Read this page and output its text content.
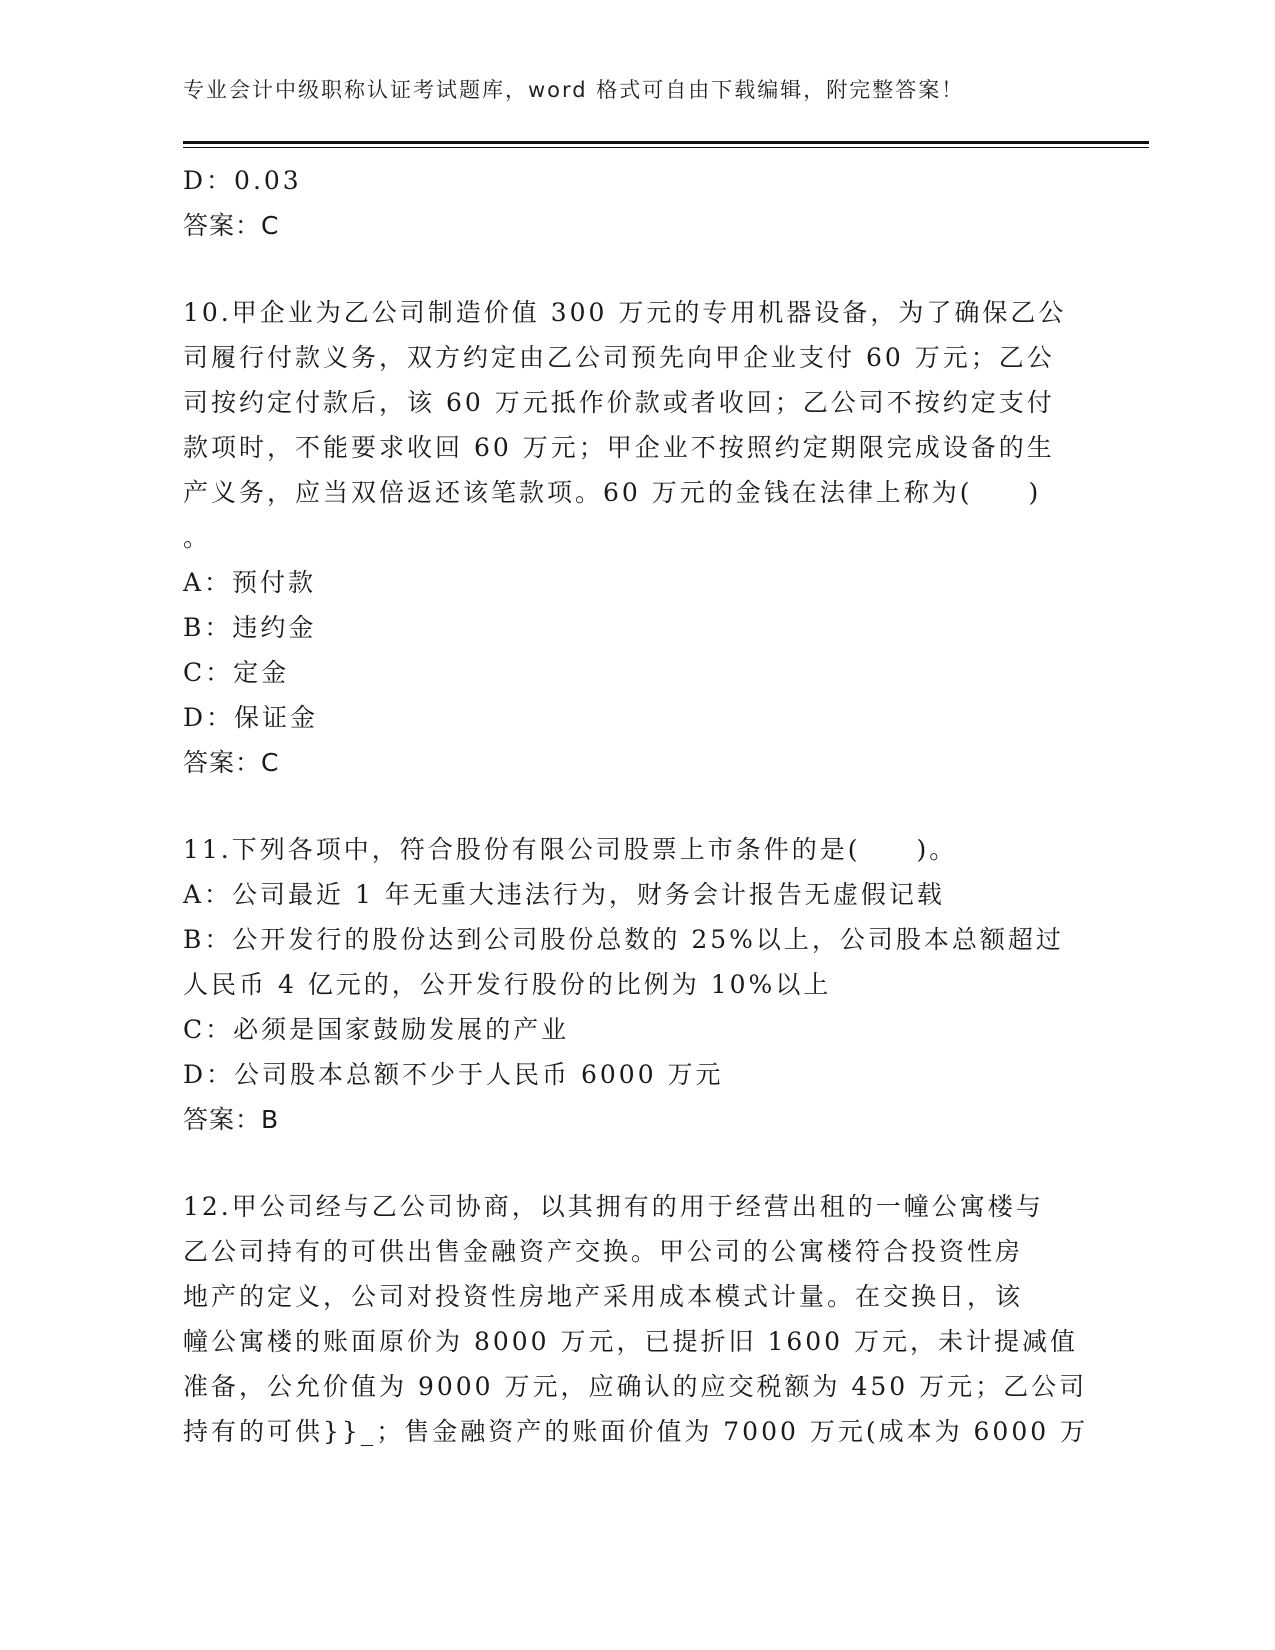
专业会计中级职称认证考试题库，word 格式可自由下载编辑，附完整答案！
D：0.03
答案：C
10.甲企业为乙公司制造价值 300 万元的专用机器设备，为了确保乙公
司履行付款义务，双方约定由乙公司预先向甲企业支付 60 万元；乙公
司按约定付款后，该 60 万元抵作价款或者收回；乙公司不按约定支付
款项时，不能要求收回 60 万元；甲企业不按照约定期限完成设备的生
产义务，应当双倍返还该笔款项。60 万元的金钱在法律上称为(　　)
。
A：预付款
B：违约金
C：定金
D：保证金
答案：C
11.下列各项中，符合股份有限公司股票上市条件的是(　　)。
A：公司最近 1 年无重大违法行为，财务会计报告无虚假记载
B：公开发行的股份达到公司股份总数的 25%以上，公司股本总额超过
人民币 4 亿元的，公开发行股份的比例为 10%以上
C：必须是国家鼓励发展的产业
D：公司股本总额不少于人民币 6000 万元
答案：B
12.甲公司经与乙公司协商，以其拥有的用于经营出租的一幢公寓楼与
乙公司持有的可供出售金融资产交换。甲公司的公寓楼符合投资性房
地产的定义，公司对投资性房地产采用成本模式计量。在交换日，该
幢公寓楼的账面原价为 8000 万元，已提折旧 1600 万元，未计提减值
准备，公允价值为 9000 万元，应确认的应交税额为 450 万元；乙公司
持有的可供}}_；售金融资产的账面价值为 7000 万元(成本为 6000 万
